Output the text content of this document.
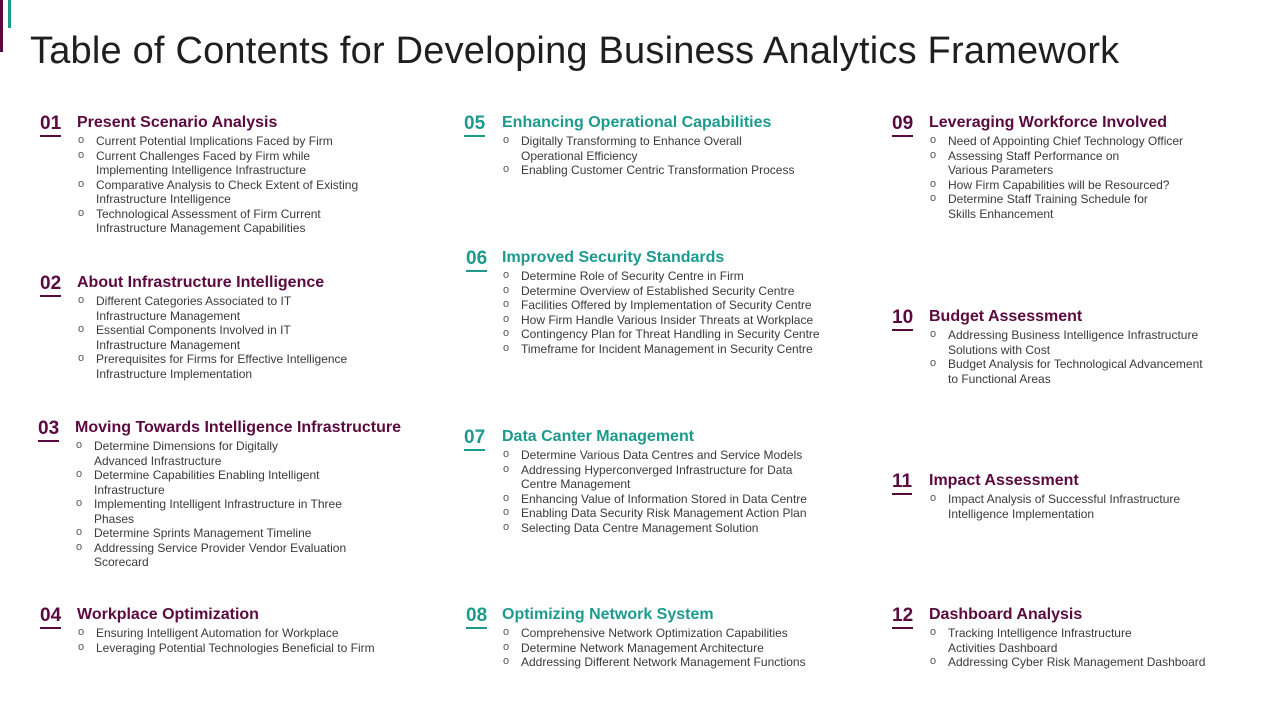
Table of Contents for Developing Business Analytics Framework
01 Present Scenario Analysis
o Current Potential Implications Faced by Firm
o Current Challenges Faced by Firm while
Implementing Intelligence Infrastructure
o Comparative Analysis to Check Extent of Existing
Infrastructure Intelligence
o Technological Assessment of Firm Current
Infrastructure Management Capabilities
02 About Infrastructure Intelligence
o Different Categories Associated to IT
Infrastructure Management
o Essential Components Involved in IT
Infrastructure Management
o Prerequisites for Firms for Effective Intelligence
Infrastructure Implementation
03 Moving Towards Intelligence Infrastructure
o Determine Dimensions for Digitally
Advanced Infrastructure
o Determine Capabilities Enabling Intelligent
Infrastructure
o Implementing Intelligent Infrastructure in Three
Phases
o Determine Sprints Management Timeline
o Addressing Service Provider Vendor Evaluation
Scorecard
04 Workplace Optimization
o Ensuring Intelligent Automation for Workplace
o Leveraging Potential Technologies Beneficial to Firm
05 Enhancing Operational Capabilities
o Digitally Transforming to Enhance Overall
Operational Efficiency
o Enabling Customer Centric Transformation Process
06 Improved Security Standards
o Determine Role of Security Centre in Firm
o Determine Overview of Established Security Centre
o Facilities Offered by Implementation of Security Centre
o How Firm Handle Various Insider Threats at Workplace
o Contingency Plan for Threat Handling in Security Centre
o Timeframe for Incident Management in Security Centre
07 Data Canter Management
o Determine Various Data Centres and Service Models
o Addressing Hyperconverged Infrastructure for Data
Centre Management
o Enhancing Value of Information Stored in Data Centre
o Enabling Data Security Risk Management Action Plan
o Selecting Data Centre Management Solution
08 Optimizing Network System
o Comprehensive Network Optimization Capabilities
o Determine Network Management Architecture
o Addressing Different Network Management Functions
09 Leveraging Workforce Involved
o Need of Appointing Chief Technology Officer
o Assessing Staff Performance on
Various Parameters
o How Firm Capabilities will be Resourced?
o Determine Staff Training Schedule for
Skills Enhancement
10 Budget Assessment
o Addressing Business Intelligence Infrastructure
Solutions with Cost
o Budget Analysis for Technological Advancement
to Functional Areas
11 Impact Assessment
o Impact Analysis of Successful Infrastructure
Intelligence Implementation
12 Dashboard Analysis
o Tracking Intelligence Infrastructure
Activities Dashboard
o Addressing Cyber Risk Management Dashboard
